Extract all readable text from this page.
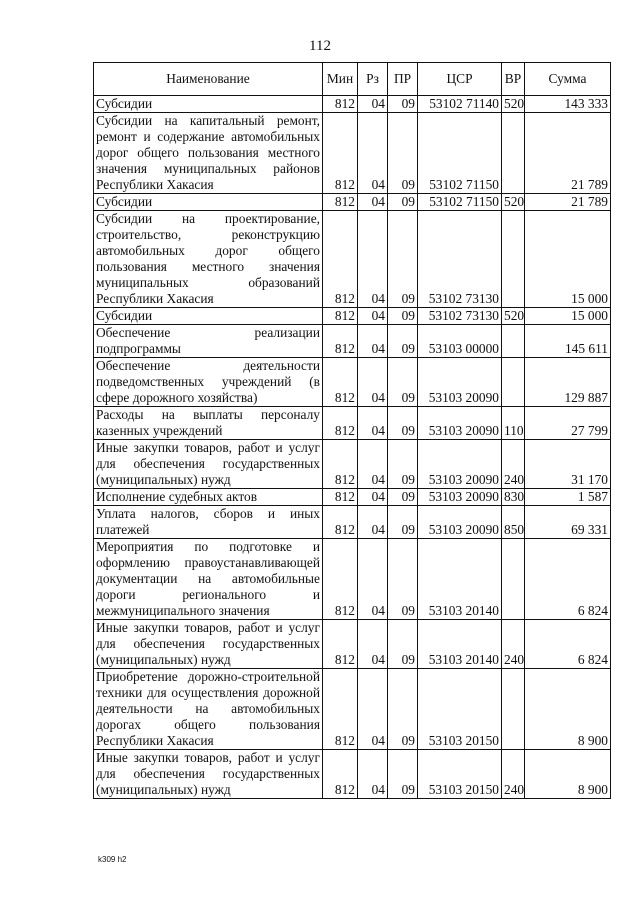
112
Наименование	Мин	Рз	ПР	ЦСР	ВР	Сумма
Субсидии	812	04	09	53102 71140	520	143 333
Субсидии на капитальный ремонт, ремонт и содержание автомобильных дорог общего пользования местного значения муниципальных районов Республики Хакасия	812	04	09	53102 71150		21 789
Субсидии	812	04	09	53102 71150	520	21 789
Субсидии на проектирование, строительство, реконструкцию автомобильных дорог общего пользования местного значения муниципальных образований Республики Хакасия	812	04	09	53102 73130		15 000
Субсидии	812	04	09	53102 73130	520	15 000
Обеспечение реализации подпрограммы	812	04	09	53103 00000		145 611
Обеспечение деятельности подведомственных учреждений (в сфере дорожного хозяйства)	812	04	09	53103 20090		129 887
Расходы на выплаты персоналу казенных учреждений	812	04	09	53103 20090	110	27 799
Иные закупки товаров, работ и услуг для обеспечения государственных (муниципальных) нужд	812	04	09	53103 20090	240	31 170
Исполнение судебных актов	812	04	09	53103 20090	830	1 587
Уплата налогов, сборов и иных платежей	812	04	09	53103 20090	850	69 331
Мероприятия по подготовке и оформлению правоустанавливающей документации на автомобильные дороги регионального и межмуниципального значения	812	04	09	53103 20140		6 824
Иные закупки товаров, работ и услуг для обеспечения государственных (муниципальных) нужд	812	04	09	53103 20140	240	6 824
Приобретение дорожно-строительной техники для осуществления дорожной деятельности на автомобильных дорогах общего пользования Республики Хакасия	812	04	09	53103 20150		8 900
Иные закупки товаров, работ и услуг для обеспечения государственных (муниципальных) нужд	812	04	09	53103 20150	240	8 900
k309 h2
